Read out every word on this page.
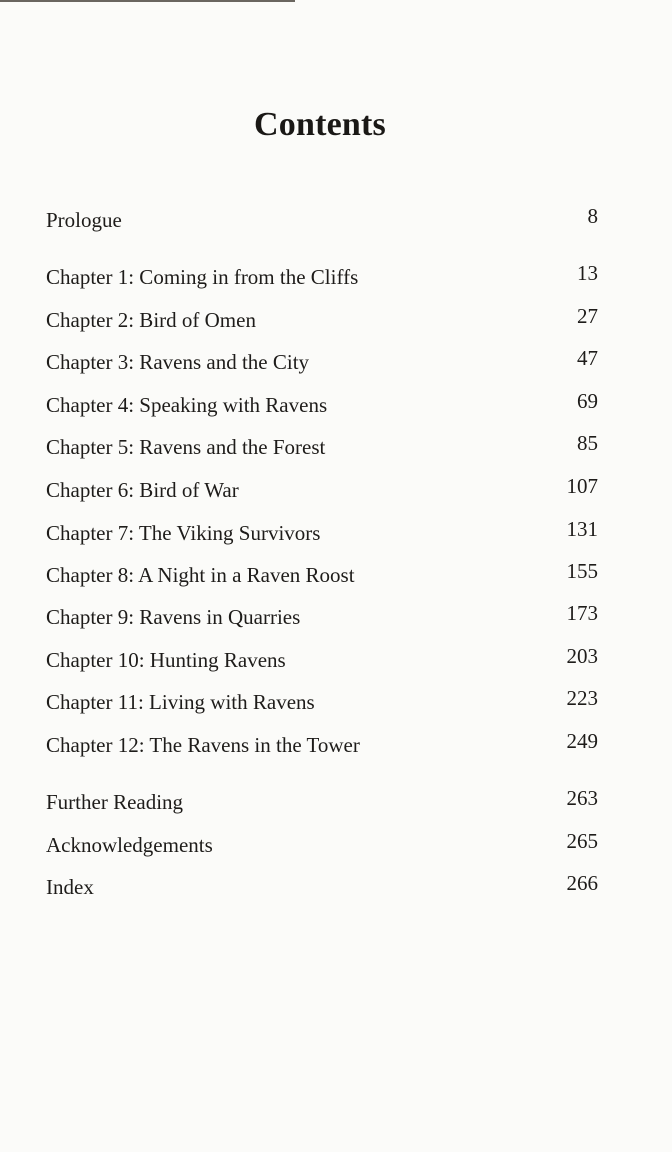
Contents
Prologue	8
Chapter 1: Coming in from the Cliffs	13
Chapter 2: Bird of Omen	27
Chapter 3: Ravens and the City	47
Chapter 4: Speaking with Ravens	69
Chapter 5: Ravens and the Forest	85
Chapter 6: Bird of War	107
Chapter 7: The Viking Survivors	131
Chapter 8: A Night in a Raven Roost	155
Chapter 9: Ravens in Quarries	173
Chapter 10: Hunting Ravens	203
Chapter 11: Living with Ravens	223
Chapter 12: The Ravens in the Tower	249
Further Reading	263
Acknowledgements	265
Index	266
